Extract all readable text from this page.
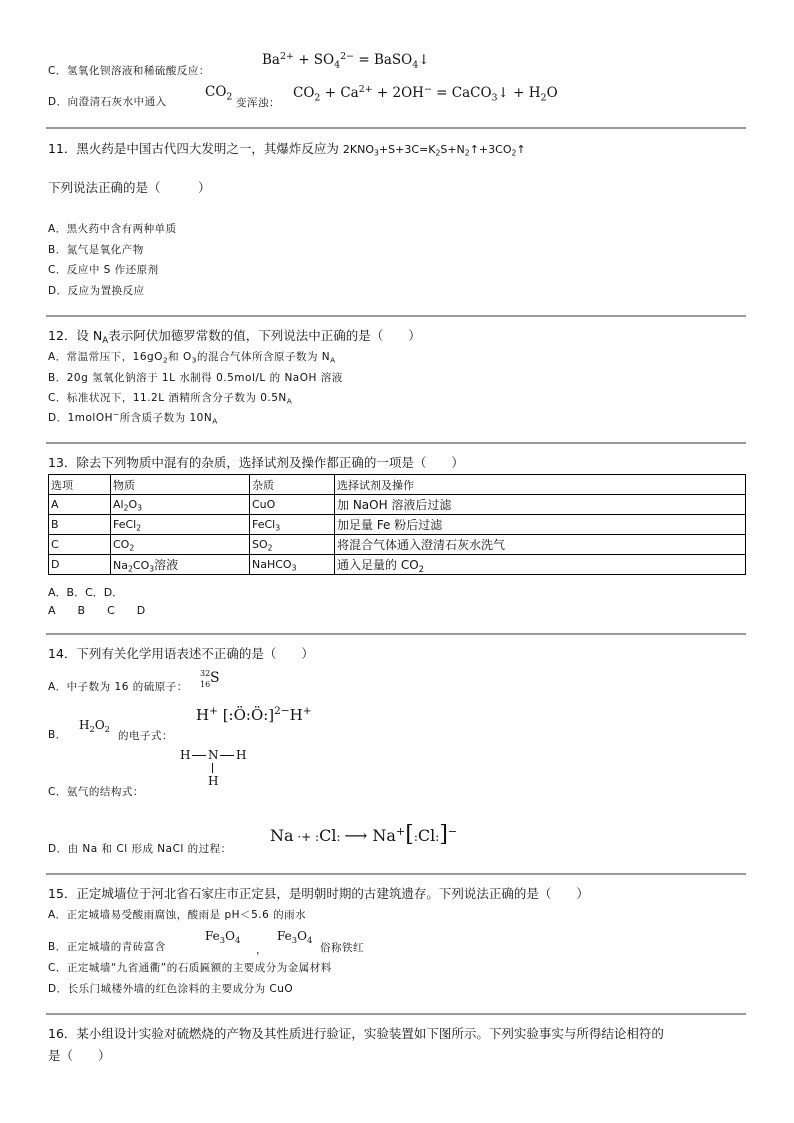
C．氢氧化钡溶液和稀硫酸反应：
$Ba^{2+} + SO_4^{2-}$ = BaSO$_4$↓
D．向澄清石灰水中通入
$CO_2$
变浑浊：
$CO_2 + Ca^{2+} + 2OH^-$ = CaCO$_3$↓ + $H_2O$
11．黑火药是中国古代四大发明之一，其爆炸反应为 $2KNO_3+S+3C=K_2S+N_2↑+3CO_2↑$
下列说法正确的是（　　　）
A．黑火药中含有两种单质
B．氮气是氧化产物
C．反应中 S 作还原剂
D．反应为置换反应
12．设 $N_A$表示阿伏加德罗常数的值，下列说法中正确的是（　　）
A．常温常压下，$16gO_2$和 $O_3$的混合气体所含原子数为 $N_A$
B．20g 氢氧化钠溶于 1L 水制得 0.5mol/L 的 NaOH 溶液
C．标准状况下，11.2L 酒精所含分子数为 $0.5N_A$
D．1molOH−所含质子数为 $10N_A$
13．除去下列物质中混有的杂质，选择试剂及操作都正确的一项是（　　）
选项	物质	杂质	选择试剂及操作
A	$Al_2O_3$	CuO	加 NaOH 溶液后过滤
B	FeCl$_2$	FeCl$_3$	加足量 Fe 粉后过滤
C	$CO_2$	$SO_2$	将混合气体通入澄清石灰水洗气
D	$Na_2CO_3$溶液	NaHCO$_3$	通入足量的 $CO_2$
A．B．C．D．
A　　B　　C　　D
14．下列有关化学用语表述不正确的是（　　）
A．中子数为 16 的硫原子：
32
16 S
B．
$H_2O_2$
的电子式：
H+ [:Ö:Ö:]$^{2-}$H+
H N H
H
C．氨气的结构式：
D．由 Na 和 Cl 形成 NaCl 的过程：
Na ·+ :Cl: ⟶ Na+[:Cl:]−
15．正定城墙位于河北省石家庄市正定县，是明朝时期的古建筑遗存。下列说法正确的是（　　）
A．正定城墙易受酸雨腐蚀，酸雨是 pH＜5.6 的雨水
B．正定城墙的青砖富含
$Fe_3O_4$
，
$Fe_3O_4$
俗称铁红
C．正定城墙“九省通衢”的石质匾额的主要成分为金属材料
D．长乐门城楼外墙的红色涂料的主要成分为 CuO
16．某小组设计实验对硫燃烧的产物及其性质进行验证，实验装置如下图所示。下列实验事实与所得结论相符的
是（　　）
